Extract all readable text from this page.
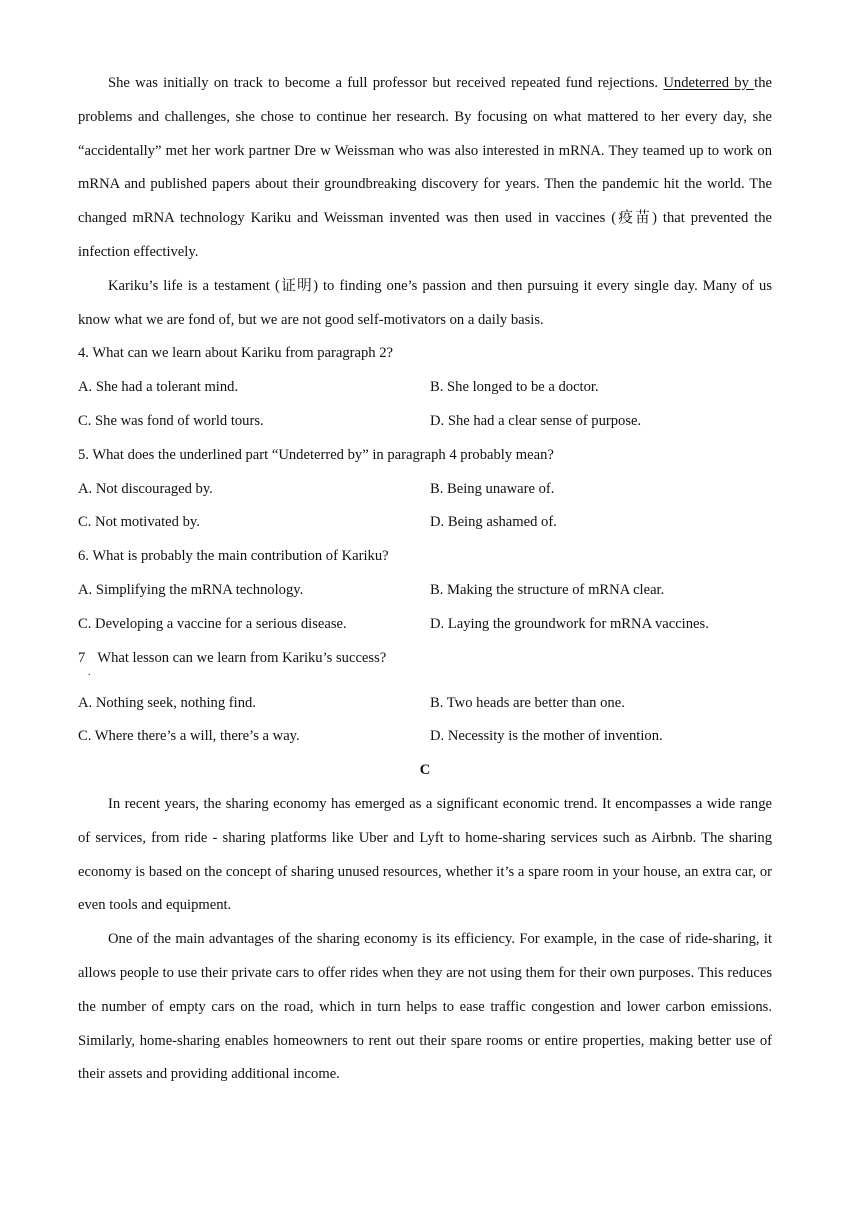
She was initially on track to become a full professor but received repeated fund rejections. Undeterred by the problems and challenges, she chose to continue her research. By focusing on what mattered to her every day, she “accidentally” met her work partner Dre w Weissman who was also interested in mRNA. They teamed up to work on mRNA and published papers about their groundbreaking discovery for years. Then the pandemic hit the world. The changed mRNA technology Kariku and Weissman invented was then used in vaccines (疫苗) that prevented the infection effectively.

Kariku’s life is a testament (证明) to finding one’s passion and then pursuing it every single day. Many of us know what we are fond of, but we are not good self-motivators on a daily basis.

4. What can we learn about Kariku from paragraph 2?

A. She had a tolerant mind.	B. She longed to be a doctor.
C. She was fond of world tours.	D. She had a clear sense of purpose.

5. What does the underlined part “Undeterred by” in paragraph 4 probably mean?

A. Not discouraged by.	B. Being unaware of.
C. Not motivated by.	D. Being ashamed of.

6. What is probably the main contribution of Kariku?

A. Simplifying the mRNA technology.	B. Making the structure of mRNA clear.
C. Developing a vaccine for a serious disease.	D. Laying the groundwork for mRNA vaccines.
7 What lesson can we learn from Kariku’s success?
.
A. Nothing seek, nothing find.	B. Two heads are better than one.
C. Where there’s a will, there’s a way.	D. Necessity is the mother of invention.

C

In recent years, the sharing economy has emerged as a significant economic trend. It encompasses a wide range of services, from ride - sharing platforms like Uber and Lyft to home-sharing services such as Airbnb. The sharing economy is based on the concept of sharing unused resources, whether it’s a spare room in your house, an extra car, or even tools and equipment.

One of the main advantages of the sharing economy is its efficiency. For example, in the case of ride-sharing, it allows people to use their private cars to offer rides when they are not using them for their own purposes. This reduces the number of empty cars on the road, which in turn helps to ease traffic congestion and lower carbon emissions. Similarly, home-sharing enables homeowners to rent out their spare rooms or entire properties, making better use of their assets and providing additional income.
